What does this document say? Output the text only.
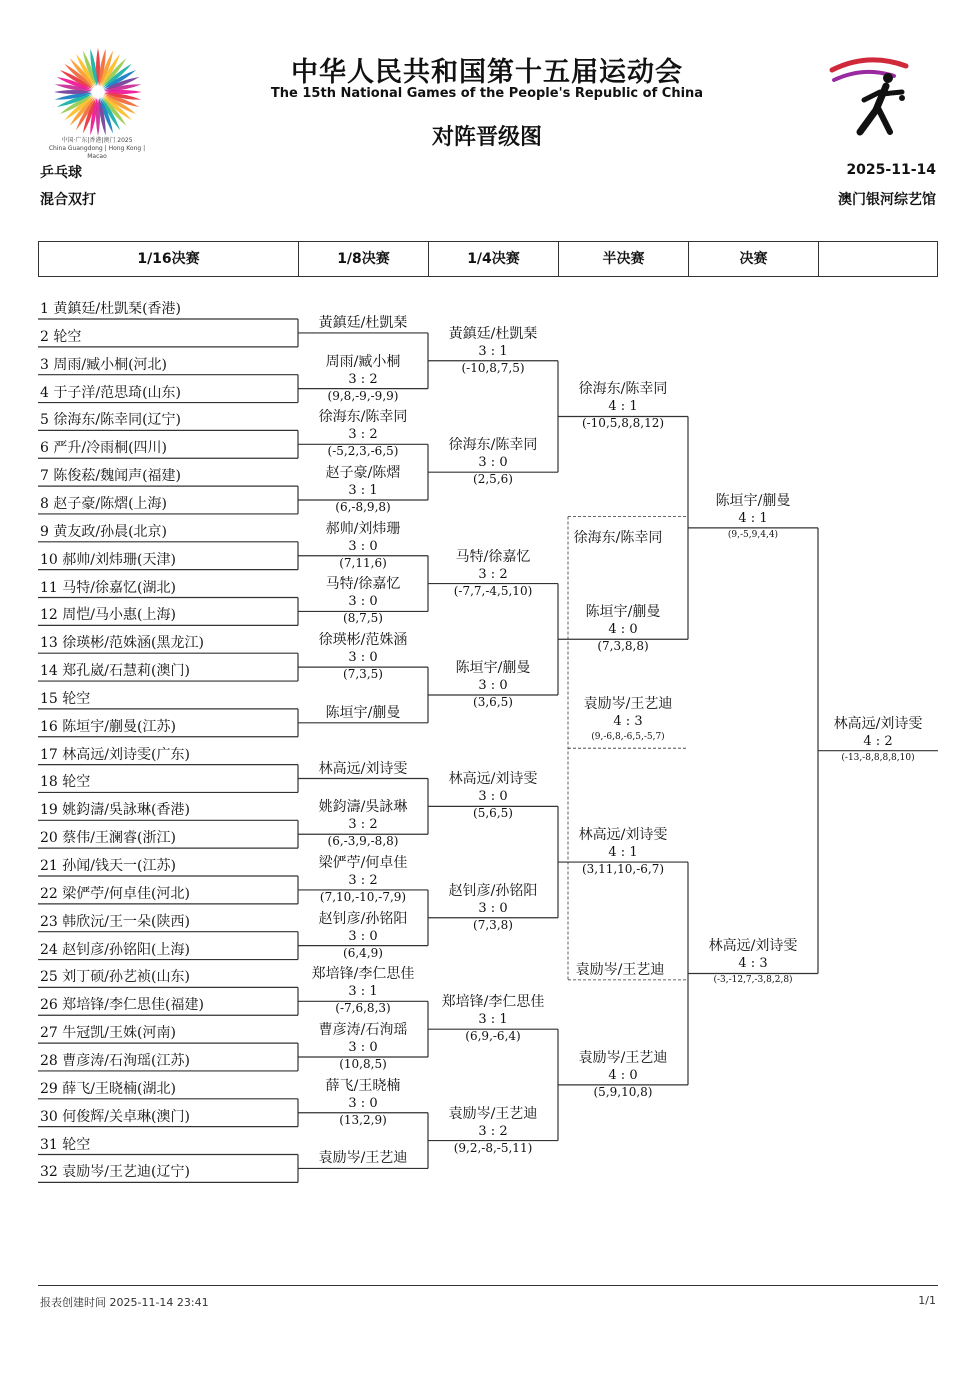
中国·广东|香港|澳门 2025
China Guangdong | Hong Kong | Macao
中华人民共和国第十五届运动会
The 15th National Games of the People's Republic of China
对阵晋级图
乒乓球
混合双打
2025-11-14
澳门银河综艺馆
1/16决赛	1/8决赛	1/4决赛	半决赛	决赛
1 黄鎮廷/杜凱琹(香港)
2 轮空
3 周雨/臧小桐(河北)
4 于子洋/范思琦(山东)
5 徐海东/陈幸同(辽宁)
6 严升/冷雨桐(四川)
7 陈俊菘/魏闻声(福建)
8 赵子豪/陈熠(上海)
9 黄友政/孙晨(北京)
10 郝帅/刘炜珊(天津)
11 马特/徐嘉忆(湖北)
12 周恺/马小惠(上海)
13 徐瑛彬/范姝涵(黑龙江)
14 郑孔崴/石慧莉(澳门)
15 轮空
16 陈垣宇/蒯曼(江苏)
17 林高远/刘诗雯(广东)
18 轮空
19 姚鈞濤/吳詠琳(香港)
20 蔡伟/王澜睿(浙江)
21 孙闻/钱天一(江苏)
22 梁俨苧/何卓佳(河北)
23 韩欣沅/王一朵(陕西)
24 赵钊彦/孙铭阳(上海)
25 刘丁硕/孙艺祯(山东)
26 郑培锋/李仁思佳(福建)
27 牛冠凯/王姝(河南)
28 曹彦涛/石洵瑶(江苏)
29 薛飞/王晓楠(湖北)
30 何俊辉/关卓琳(澳门)
31 轮空
32 袁励岑/王艺迪(辽宁)
黃鎮廷/杜凱琹
周雨/臧小桐
3 : 2
(9,8,-9,-9,9)
徐海东/陈幸同
3 : 2
(-5,2,3,-6,5)
赵子豪/陈熠
3 : 1
(6,-8,9,8)
郝帅/刘炜珊
3 : 0
(7,11,6)
马特/徐嘉忆
3 : 0
(8,7,5)
徐瑛彬/范姝涵
3 : 0
(7,3,5)
陈垣宇/蒯曼
林高远/刘诗雯
姚鈞濤/吳詠琳
3 : 2
(6,-3,9,-8,8)
梁俨苧/何卓佳
3 : 2
(7,10,-10,-7,9)
赵钊彦/孙铭阳
3 : 0
(6,4,9)
郑培锋/李仁思佳
3 : 1
(-7,6,8,3)
曹彦涛/石洵瑶
3 : 0
(10,8,5)
薛飞/王晓楠
3 : 0
(13,2,9)
袁励岑/王艺迪
黃鎮廷/杜凱琹
3 : 1
(-10,8,7,5)
徐海东/陈幸同
3 : 0
(2,5,6)
马特/徐嘉忆
3 : 2
(-7,7,-4,5,10)
陈垣宇/蒯曼
3 : 0
(3,6,5)
林高远/刘诗雯
3 : 0
(5,6,5)
赵钊彦/孙铭阳
3 : 0
(7,3,8)
郑培锋/李仁思佳
3 : 1
(6,9,-6,4)
袁励岑/王艺迪
3 : 2
(9,2,-8,-5,11)
徐海东/陈幸同
4 : 1
(-10,5,8,8,12)
陈垣宇/蒯曼
4 : 0
(7,3,8,8)
林高远/刘诗雯
4 : 1
(3,11,10,-6,7)
袁励岑/王艺迪
4 : 0
(5,9,10,8)
陈垣宇/蒯曼
4 : 1
(9,-5,9,4,4)
林高远/刘诗雯
4 : 3
(-3,-12,7,-3,8,2,8)
林高远/刘诗雯
4 : 2
(-13,-8,8,8,8,10)
徐海东/陈幸同
袁励岑/王艺迪
4 : 3
(9,-6,8,-6,5,-5,7)
袁励岑/王艺迪
报表创建时间 2025-11-14 23:41	1/1
